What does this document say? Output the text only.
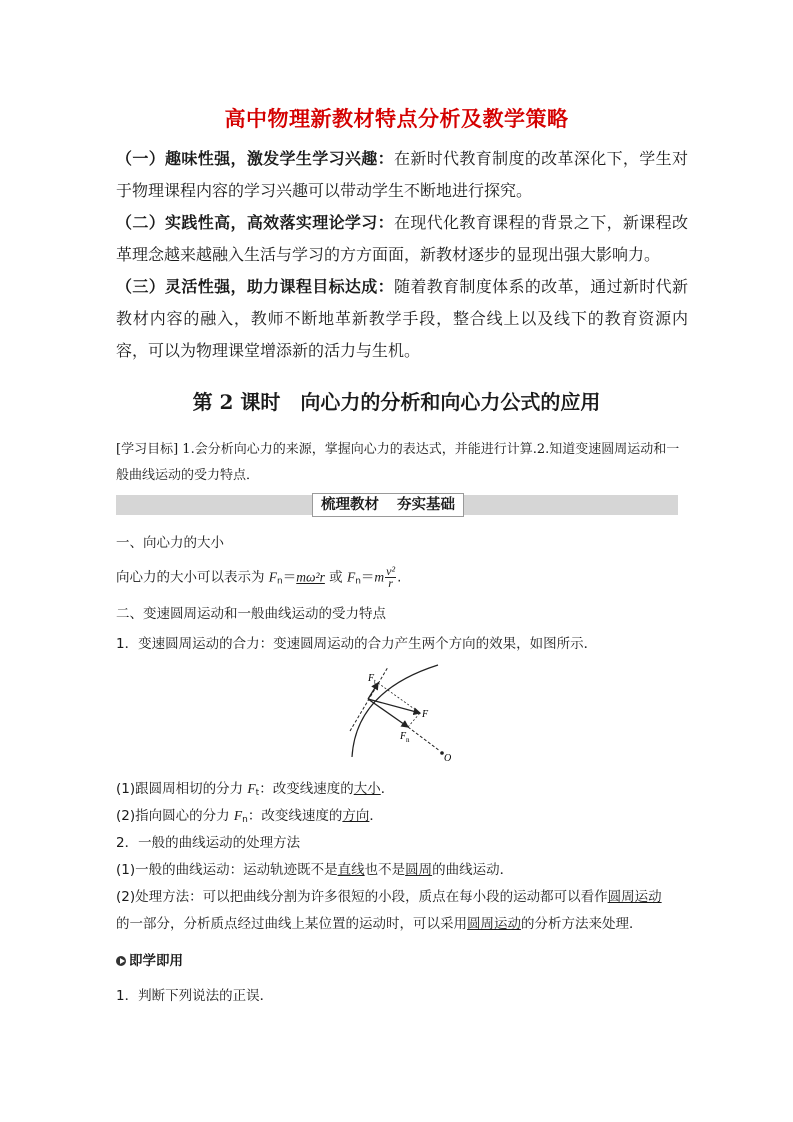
高中物理新教材特点分析及教学策略

（一）趣味性强，激发学生学习兴趣：在新时代教育制度的改革深化下，学生对于物理课程内容的学习兴趣可以带动学生不断地进行探究。

（二）实践性高，高效落实理论学习：在现代化教育课程的背景之下，新课程改革理念越来越融入生活与学习的方方面面，新教材逐步的显现出强大影响力。

（三）灵活性强，助力课程目标达成：随着教育制度体系的改革，通过新时代新教材内容的融入，教师不断地革新教学手段，整合线上以及线下的教育资源内容，可以为物理课堂增添新的活力与生机。

第 2 课时　向心力的分析和向心力公式的应用
[学习目标] 1.会分析向心力的来源，掌握向心力的表达式，并能进行计算.2.知道变速圆周运动和一般曲线运动的受力特点．
梳理教材 夯实基础
一、向心力的大小
向心力的大小可以表示为 $F_n=m\omega^2r$ 或 $F_n=m \frac{\text{v²}}{r}$ .
二、变速圆周运动和一般曲线运动的受力特点
1．变速圆周运动的合力：变速圆周运动的合力产生两个方向的效果，如图所示．
F t
F
F n
O
(1)跟圆周相切的分力 $F_t$：改变线速度的大小．
(2)指向圆心的分力 $F_n$：改变线速度的方向．
2．一般的曲线运动的处理方法
(1)一般的曲线运动：运动轨迹既不是直线也不是圆周的曲线运动．
(2)处理方法：可以把曲线分割为许多很短的小段，质点在每小段的运动都可以看作圆周运动
的一部分，分析质点经过曲线上某位置的运动时，可以采用圆周运动的分析方法来处理．
即学即用
1．判断下列说法的正误．
